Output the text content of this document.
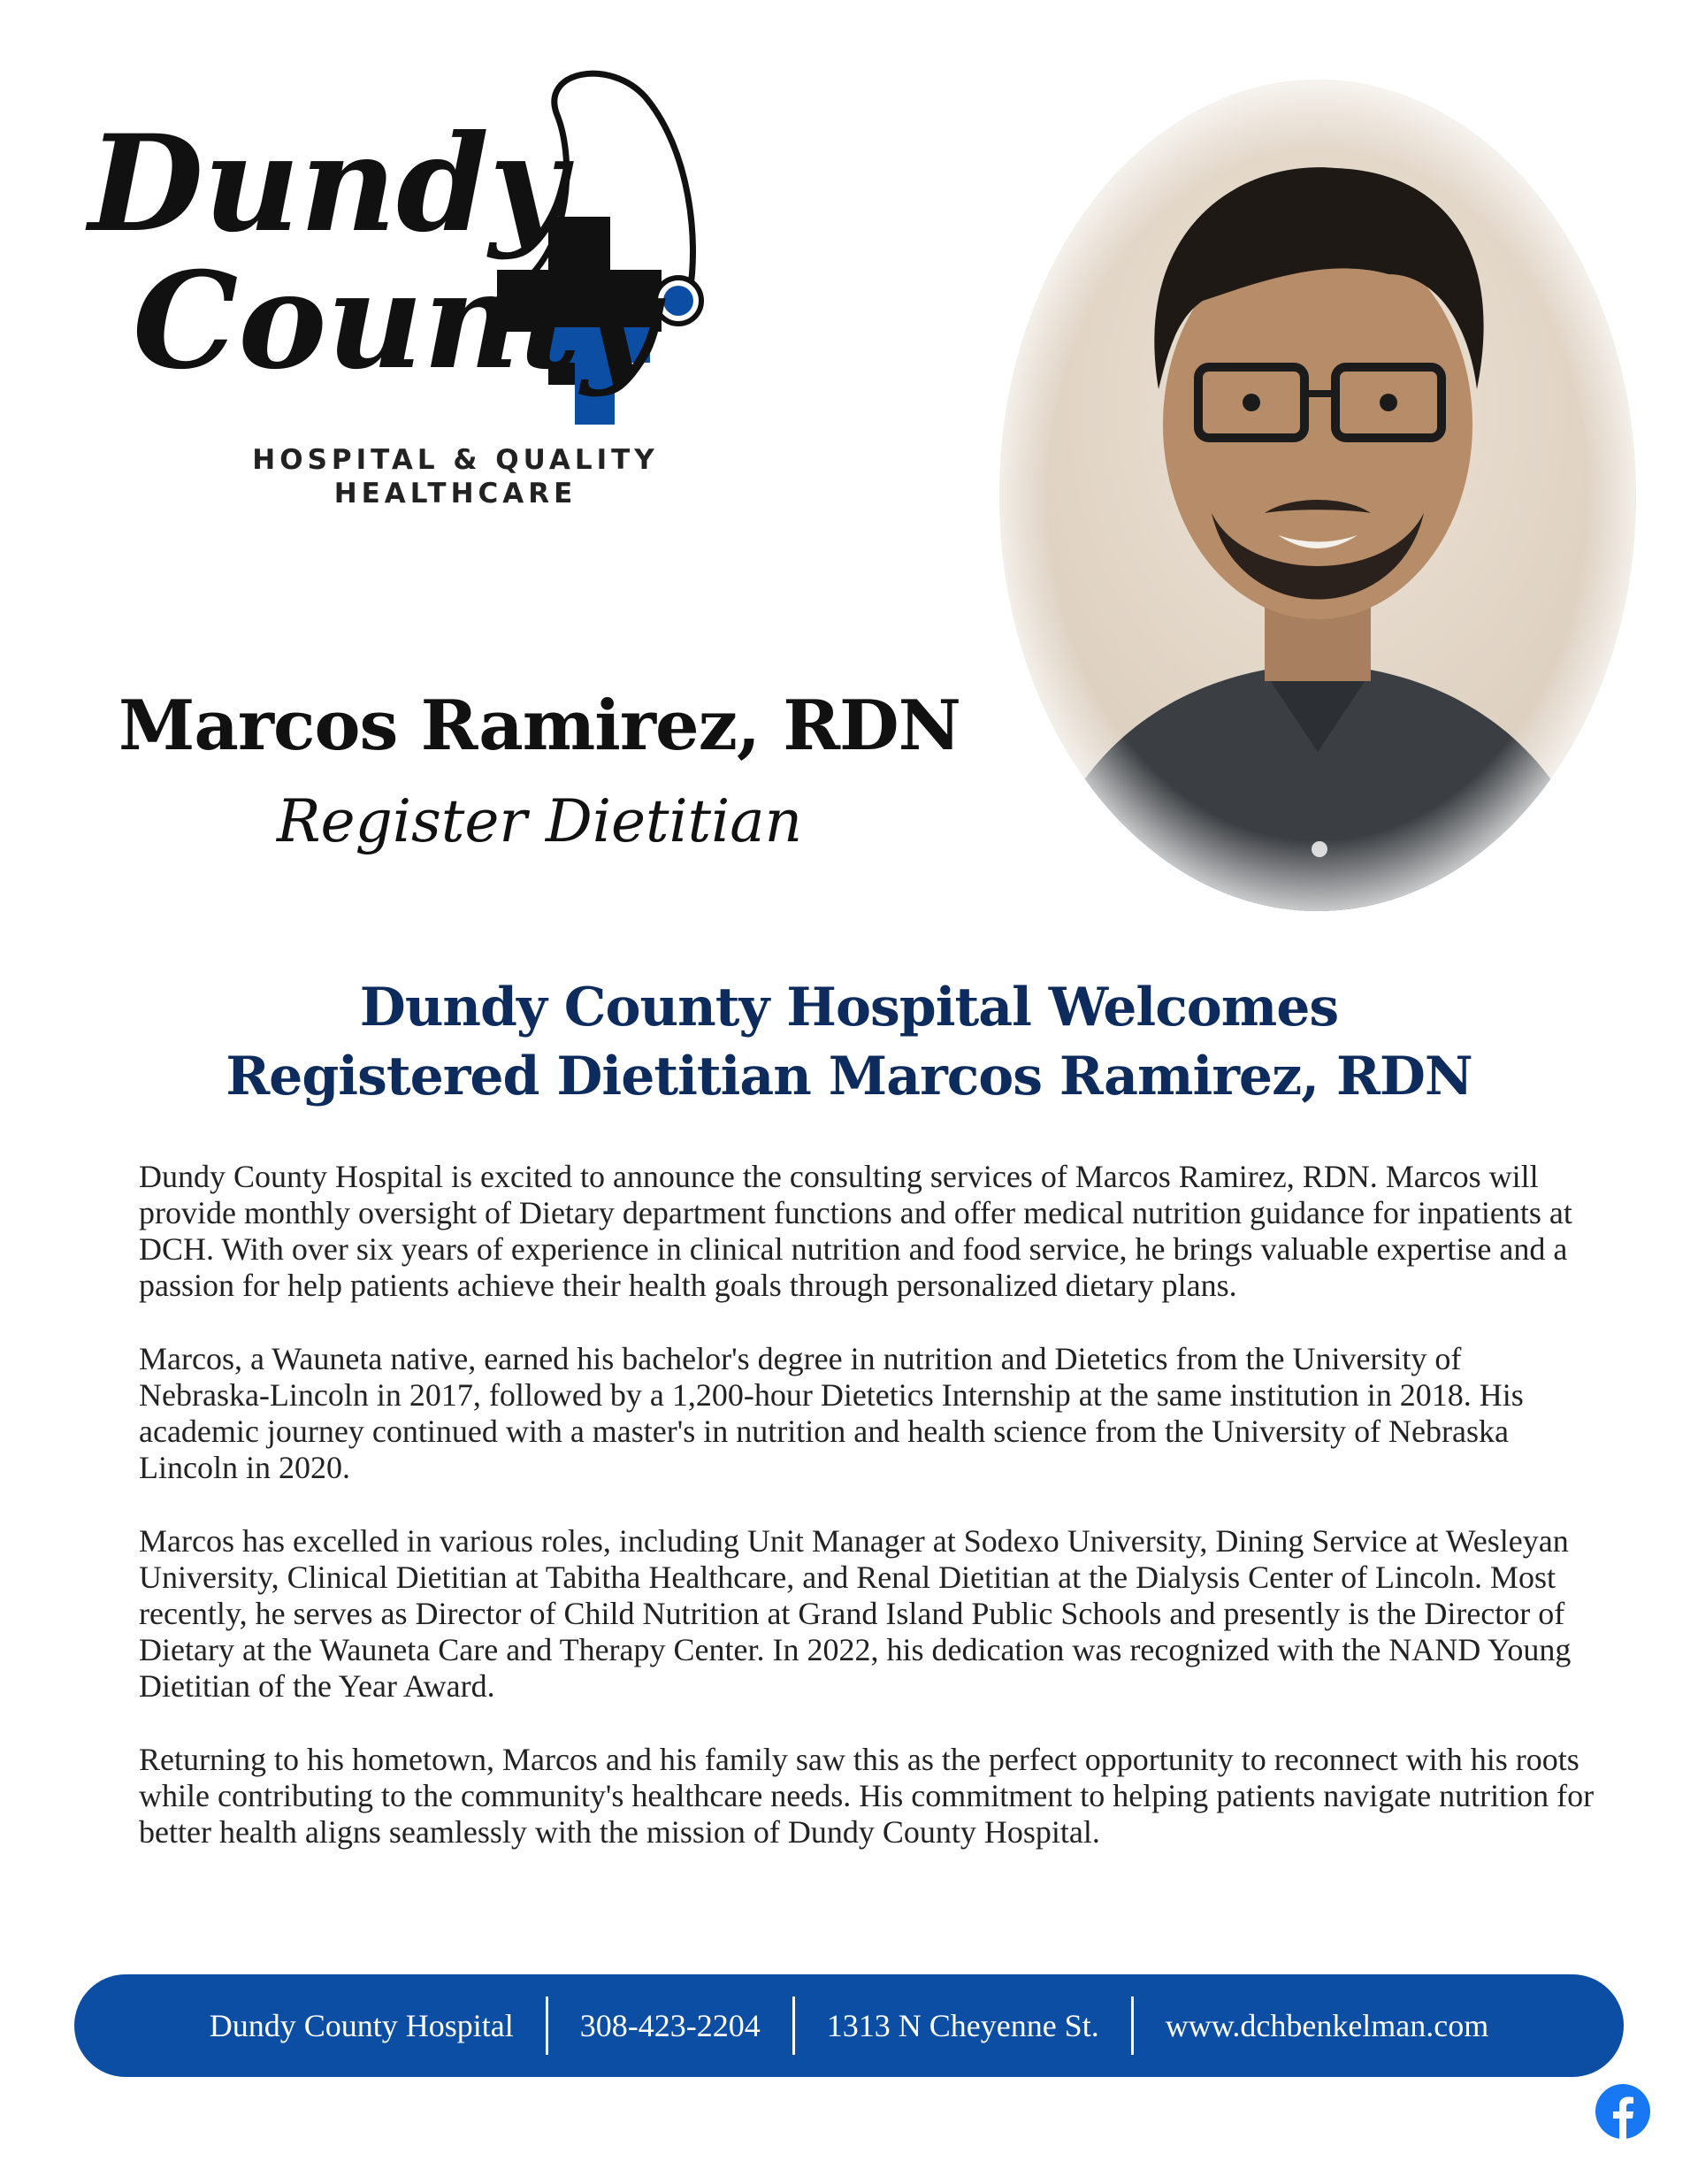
Dundy
County
HOSPITAL & QUALITY
HEALTHCARE
Marcos Ramirez, RDN
Register Dietitian
Dundy County Hospital Welcomes
Registered Dietitian Marcos Ramirez, RDN

Dundy County Hospital is excited to announce the consulting services of Marcos Ramirez, RDN. Marcos will provide monthly oversight of Dietary department functions and offer medical nutrition guidance for inpatients at DCH. With over six years of experience in clinical nutrition and food service, he brings valuable expertise and a passion for help patients achieve their health goals through personalized dietary plans.

Marcos, a Wauneta native, earned his bachelor's degree in nutrition and Dietetics from the University of Nebraska-Lincoln in 2017, followed by a 1,200-hour Dietetics Internship at the same institution in 2018. His academic journey continued with a master's in nutrition and health science from the University of Nebraska Lincoln in 2020.

Marcos has excelled in various roles, including Unit Manager at Sodexo University, Dining Service at Wesleyan University, Clinical Dietitian at Tabitha Healthcare, and Renal Dietitian at the Dialysis Center of Lincoln. Most recently, he serves as Director of Child Nutrition at Grand Island Public Schools and presently is the Director of Dietary at the Wauneta Care and Therapy Center. In 2022, his dedication was recognized with the NAND Young Dietitian of the Year Award.

Returning to his hometown, Marcos and his family saw this as the perfect opportunity to reconnect with his roots while contributing to the community's healthcare needs. His commitment to helping patients navigate nutrition for better health aligns seamlessly with the mission of Dundy County Hospital.

Dundy County Hospital	308-423-2204	1313 N Cheyenne St.	www.dchbenkelman.com
